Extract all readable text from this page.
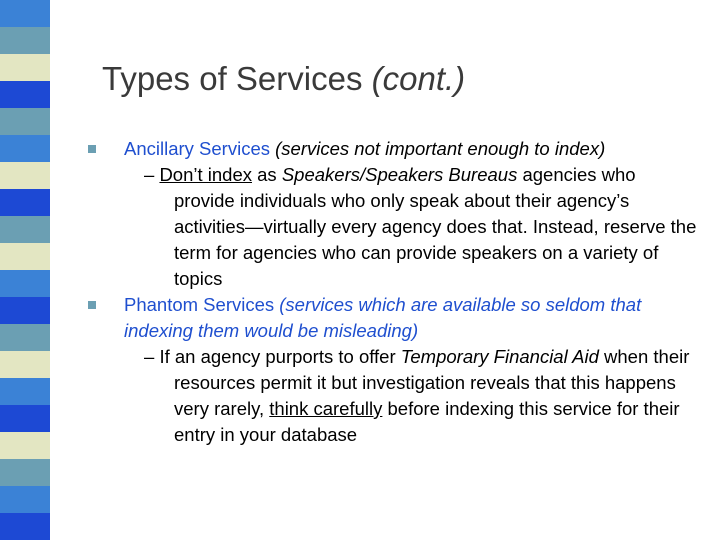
Types of Services (cont.)
Ancillary Services (services not important enough to index)
– Don’t index as Speakers/Speakers Bureaus agencies who provide individuals who only speak about their agency’s activities—virtually every agency does that. Instead, reserve the term for agencies who can provide speakers on a variety of topics
Phantom Services (services which are available so seldom that indexing them would be misleading)
– If an agency purports to offer Temporary Financial Aid when their resources permit it but investigation reveals that this happens very rarely, think carefully before indexing this service for their entry in your database
